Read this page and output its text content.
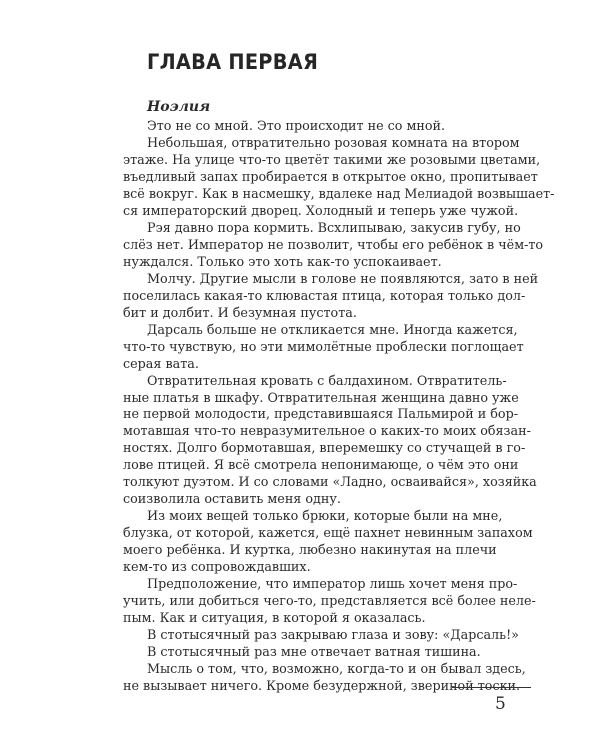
ГЛАВА ПЕРВАЯ
Ноэлия
Это не со мной. Это происходит не со мной.
Небольшая, отвратительно розовая комната на втором
этаже. На улице что-то цветёт такими же розовыми цветами,
въедливый запах пробирается в открытое окно, пропитывает
всё вокруг. Как в насмешку, вдалеке над Мелиадой возвышает-
ся императорский дворец. Холодный и теперь уже чужой.
Рэя давно пора кормить. Всхлипываю, закусив губу, но
слёз нет. Император не позволит, чтобы его ребёнок в чём-то
нуждался. Только это хоть как-то успокаивает.
Молчу. Другие мысли в голове не появляются, зато в ней
поселилась какая-то клювастая птица, которая только дол-
бит и долбит. И безумная пустота.
Дарсаль больше не откликается мне. Иногда кажется,
что-то чувствую, но эти мимолётные проблески поглощает
серая вата.
Отвратительная кровать с балдахином. Отвратитель-
ные платья в шкафу. Отвратительная женщина давно уже
не первой молодости, представившаяся Пальмирой и бор-
мотавшая что-то невразумительное о каких-то моих обязан-
ностях. Долго бормотавшая, вперемешку со стучащей в го-
лове птицей. Я всё смотрела непонимающе, о чём это они
толкуют дуэтом. И со словами «Ладно, осваивайся», хозяйка
соизволила оставить меня одну.
Из моих вещей только брюки, которые были на мне,
блузка, от которой, кажется, ещё пахнет невинным запахом
моего ребёнка. И куртка, любезно накинутая на плечи
кем-то из сопровождавших.
Предположение, что император лишь хочет меня про-
учить, или добиться чего-то, представляется всё более неле-
пым. Как и ситуация, в которой я оказалась.
В стотысячный раз закрываю глаза и зову: «Дарсаль!»
В стотысячный раз мне отвечает ватная тишина.
Мысль о том, что, возможно, когда-то и он бывал здесь,
не вызывает ничего. Кроме безудержной, звериной тоски.

5
